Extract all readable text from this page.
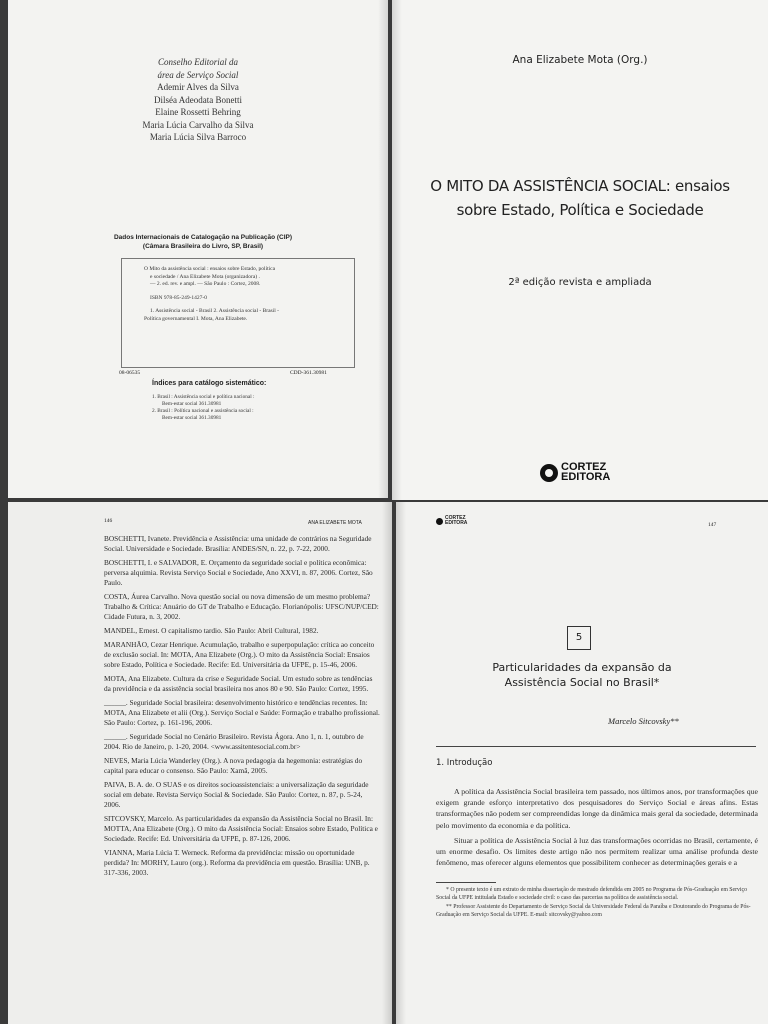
Conselho Editorial da
área de Serviço Social
Ademir Alves da Silva
Dilséa Adeodata Bonetti
Elaine Rossetti Behring
Maria Lúcia Carvalho da Silva
Maria Lúcia Silva Barroco
Dados Internacionais de Catalogação na Publicação (CIP)
(Câmara Brasileira do Livro, SP, Brasil)
O Mito da assistência social : ensaios sobre Estado, política
e sociedade / Ana Elizabete Mota (organizadora) .
— 2. ed. rev. e ampl. — São Paulo : Cortez, 2008.
ISBN 978-85-249-1427-0
1. Assistência social - Brasil 2. Assistência social - Brasil -
Política governamental I. Mota, Ana Elizabete.
08-06535	CDD-361.30981
Índices para catálogo sistemático:
1. Brasil : Assistência social e política nacional :
Bem-estar social 361.30981
2. Brasil : Política nacional e assistência social :
Bem-estar social 361.30981
Ana Elizabete Mota (Org.)
O MITO DA ASSISTÊNCIA SOCIAL: ensaios
sobre Estado, Política e Sociedade
2ª edição revista e ampliada
CORTEZ
EDITORA
146	ANA ELIZABETE MOTA
BOSCHETTI, Ivanete. Previdência e Assistência: uma unidade de contrários na Seguridade Social. Universidade e Sociedade. Brasília: ANDES/SN, n. 22, p. 7-22, 2000.
BOSCHETTI, I. e SALVADOR, E. Orçamento da seguridade social e política econômica: perversa alquimia. Revista Serviço Social e Sociedade, Ano XXVI, n. 87, 2006. Cortez, São Paulo.
COSTA, Áurea Carvalho. Nova questão social ou nova dimensão de um mesmo problema? Trabalho & Crítica: Anuário do GT de Trabalho e Educação. Florianópolis: UFSC/NUP/CED: Cidade Futura, n. 3, 2002.
MANDEL, Ernest. O capitalismo tardio. São Paulo: Abril Cultural, 1982.
MARANHÃO, Cezar Henrique. Acumulação, trabalho e superpopulação: crítica ao conceito de exclusão social. In: MOTA, Ana Elizabete (Org.). O mito da Assistência Social: Ensaios sobre Estado, Política e Sociedade. Recife: Ed. Universitária da UFPE, p. 15-46, 2006.
MOTA, Ana Elizabete. Cultura da crise e Seguridade Social. Um estudo sobre as tendências da previdência e da assistência social brasileira nos anos 80 e 90. São Paulo: Cortez, 1995.
______. Seguridade Social brasileira: desenvolvimento histórico e tendências recentes. In: MOTA, Ana Elizabete et alii (Org.). Serviço Social e Saúde: Formação e trabalho profissional. São Paulo: Cortez, p. 161-196, 2006.
______. Seguridade Social no Cenário Brasileiro. Revista Ágora. Ano 1, n. 1, outubro de 2004. Rio de Janeiro, p. 1-20, 2004. <www.assitentesocial.com.br>
NEVES, Maria Lúcia Wanderley (Org.). A nova pedagogia da hegemonia: estratégias do capital para educar o consenso. São Paulo: Xamã, 2005.
PAIVA, B. A. de. O SUAS e os direitos socioassistenciais: a universalização da seguridade social em debate. Revista Serviço Social & Sociedade. São Paulo: Cortez, n. 87, p. 5-24, 2006.
SITCOVSKY, Marcelo. As particularidades da expansão da Assistência Social no Brasil. In: MOTTA, Ana Elizabete (Org.). O mito da Assistência Social: Ensaios sobre Estado, Política e Sociedade. Recife: Ed. Universitária da UFPE, p. 87-126, 2006.
VIANNA, Maria Lúcia T. Werneck. Reforma da previdência: missão ou oportunidade perdida? In: MORHY, Lauro (org.). Reforma da previdência em questão. Brasília: UNB, p. 317-336, 2003.
CORTEZ
EDITORA	147
5
Particularidades da expansão da
Assistência Social no Brasil*
Marcelo Sitcovsky**
1. Introdução

A política da Assistência Social brasileira tem passado, nos últimos anos, por transformações que exigem grande esforço interpretativo dos pesquisadores do Serviço Social e áreas afins. Estas transformações não podem ser compreendidas longe da dinâmica mais geral da sociedade, determinada pelo movimento da economia e da política.

Situar a política de Assistência Social à luz das transformações ocorridas no Brasil, certamente, é um enorme desafio. Os limites deste artigo não nos permitem realizar uma análise profunda deste fenômeno, mas oferecer alguns elementos que possibilitem conhecer as determinações gerais e a

* O presente texto é um extrato de minha dissertação de mestrado defendida em 2005 no Programa de Pós-Graduação em Serviço Social da UFPE intitulada Estado e sociedade civil: o caso das parcerias na política de assistência social.

** Professor Assistente do Departamento de Serviço Social da Universidade Federal da Paraíba e Doutorando do Programa de Pós-Graduação em Serviço Social da UFPE. E-mail: sitcovsky@yahoo.com
